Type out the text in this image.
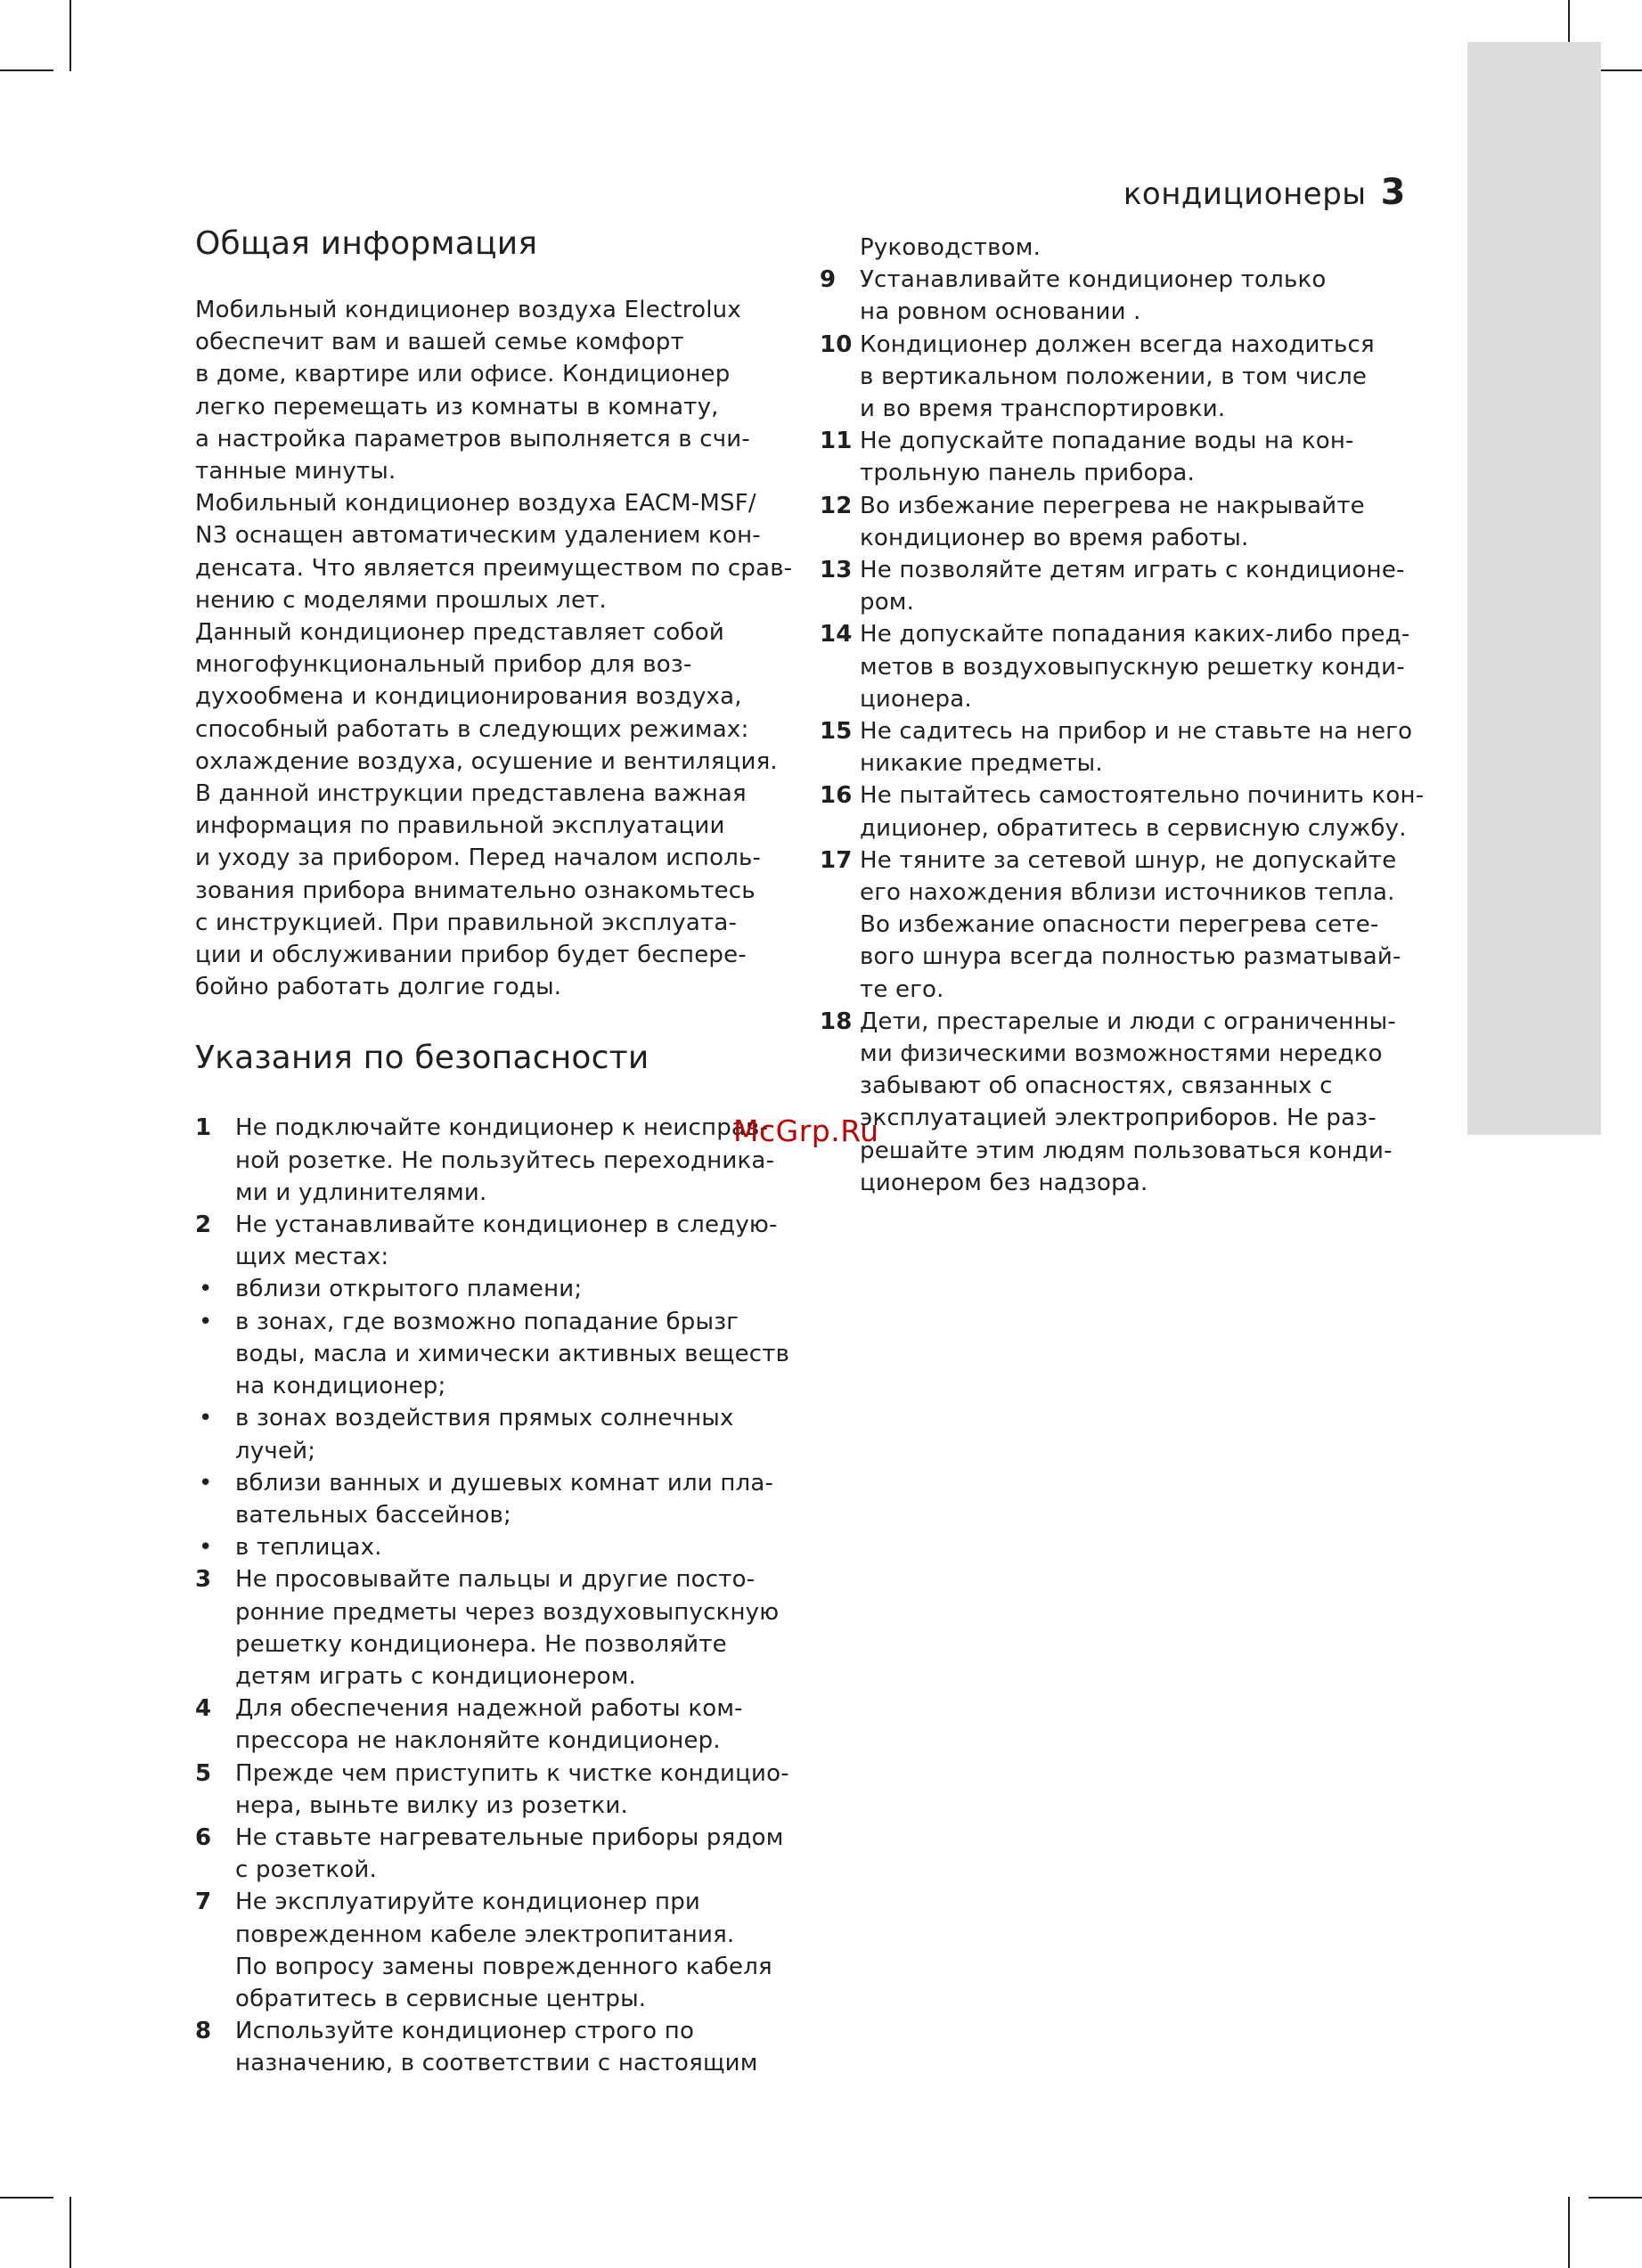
кондиционеры 3
Общая информация
Мобильный кондиционер воздуха Electrolux
обеспечит вам и вашей семье комфорт
в доме, квартире или офисе. Кондиционер
легко перемещать из комнаты в комнату,
а настройка параметров выполняется в счи-
танные минуты.
Мобильный кондиционер воздуха EACM-MSF/
N3 оснащен автоматическим удалением кон-
денсата. Что является преимуществом по срав-
нению с моделями прошлых лет.
Данный кондиционер представляет собой
многофункциональный прибор для воз-
духообмена и кондиционирования воздуха,
способный работать в следующих режимах:
охлаждение воздуха, осушение и вентиляция.
В данной инструкции представлена важная
информация по правильной эксплуатации
и уходу за прибором. Перед началом исполь-
зования прибора внимательно ознакомьтесь
с инструкцией. При правильной эксплуата-
ции и обслуживании прибор будет беспере-
бойно работать долгие годы.
Указания по безопасности
1 Не подключайте кондиционер к неисправ-
ной розетке. Не пользуйтесь переходника-
ми и удлинителями.
2 Не устанавливайте кондиционер в следую-
щих местах:
• вблизи открытого пламени;
• в зонах, где возможно попадание брызг
воды, масла и химически активных веществ
на кондиционер;
• в зонах воздействия прямых солнечных
лучей;
• вблизи ванных и душевых комнат или пла-
вательных бассейнов;
• в теплицах.
3 Не просовывайте пальцы и другие посто-
ронние предметы через воздуховыпускную
решетку кондиционера. Не позволяйте
детям играть с кондиционером.
4 Для обеспечения надежной работы ком-
прессора не наклоняйте кондиционер.
5 Прежде чем приступить к чистке кондицио-
нера, выньте вилку из розетки.
6 Не ставьте нагревательные приборы рядом
с розеткой.
7 Не эксплуатируйте кондиционер при
поврежденном кабеле электропитания.
По вопросу замены поврежденного кабеля
обратитесь в сервисные центры.
8 Используйте кондиционер строго по
назначению, в соответствии с настоящим
Руководством.
9 Устанавливайте кондиционер только
на ровном основании .
10 Кондиционер должен всегда находиться
в вертикальном положении, в том числе
и во время транспортировки.
11 Не допускайте попадание воды на кон-
трольную панель прибора.
12 Во избежание перегрева не накрывайте
кондиционер во время работы.
13 Не позволяйте детям играть с кондиционе-
ром.
14 Не допускайте попадания каких-либо пред-
метов в воздуховыпускную решетку конди-
ционера.
15 Не садитесь на прибор и не ставьте на него
никакие предметы.
16 Не пытайтесь самостоятельно починить кон-
диционер, обратитесь в сервисную службу.
17 Не тяните за сетевой шнур, не допускайте
его нахождения вблизи источников тепла.
Во избежание опасности перегрева сете-
вого шнура всегда полностью разматывай-
те его.
18 Дети, престарелые и люди с ограниченны-
ми физическими возможностями нередко
забывают об опасностях, связанных с
эксплуатацией электроприборов. Не раз-
решайте этим людям пользоваться конди-
ционером без надзора.
McGrp.Ru
